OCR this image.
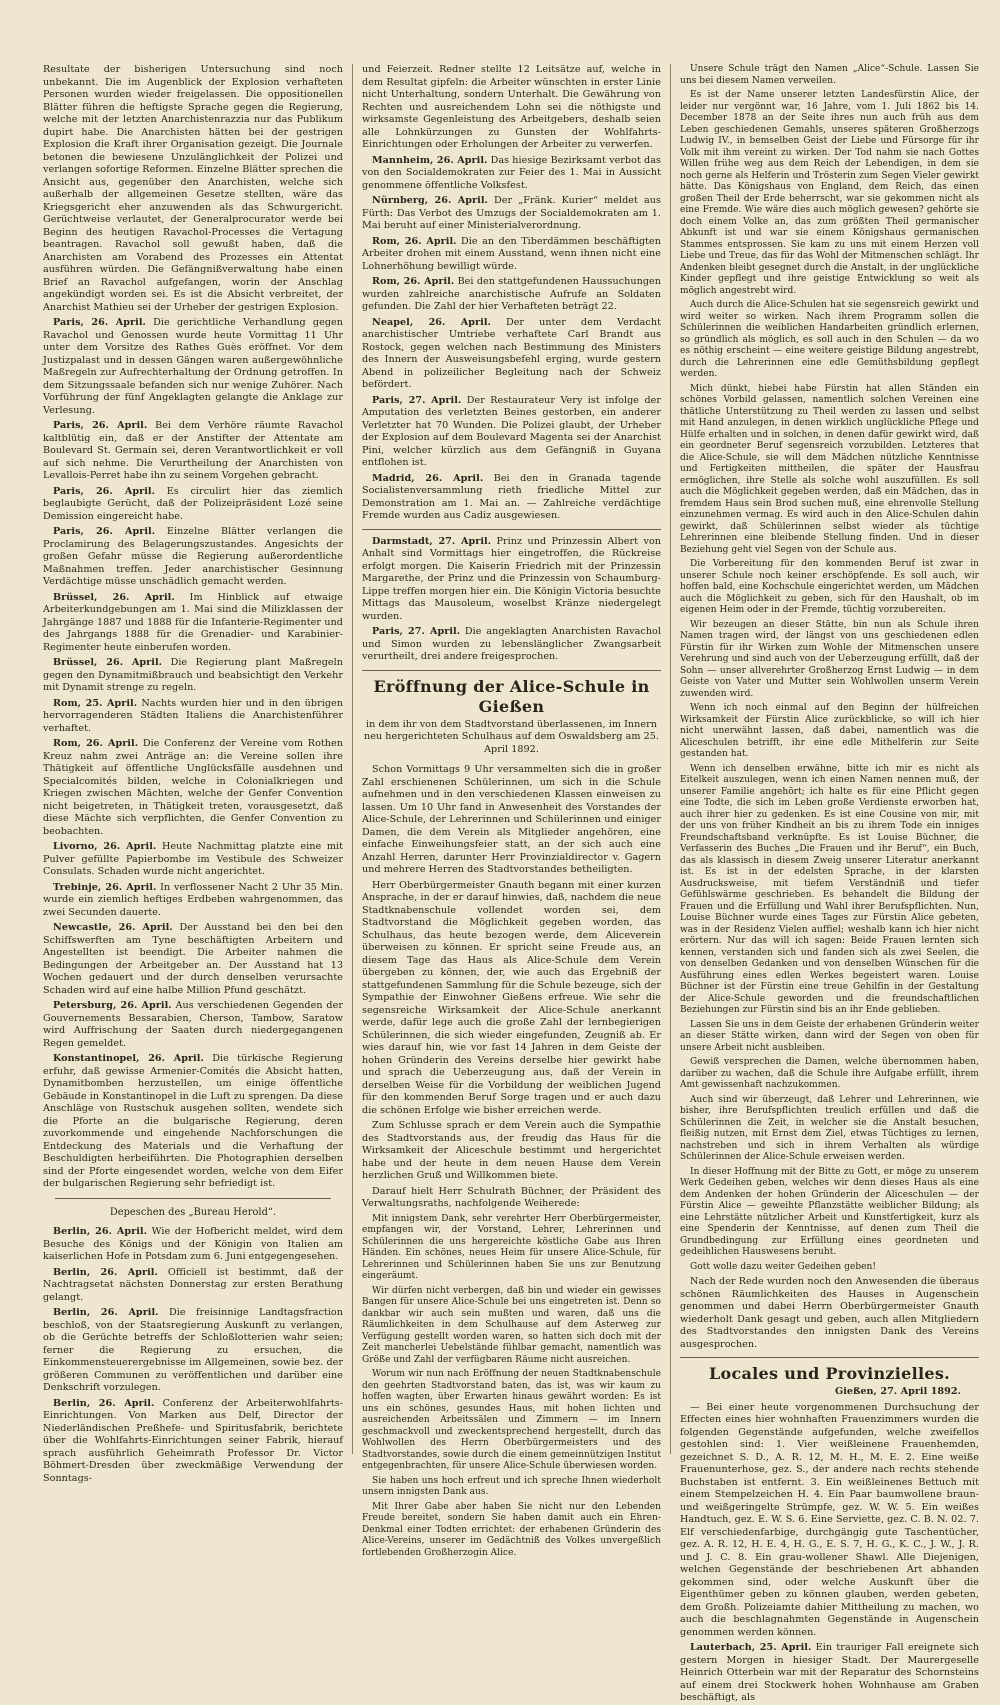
Resultate der bisherigen Untersuchung sind noch unbekannt. Die im Augenblick der Explosion verhafteten Personen wurden wieder freigelassen. Die oppositionellen Blätter führen die heftigste Sprache gegen die Regierung, welche mit der letzten Anarchistenrazzia nur das Publikum dupirt habe. Die Anarchisten hätten bei der gestrigen Explosion die Kraft ihrer Organisation gezeigt. Die Journale betonen die bewiesene Unzulänglichkeit der Polizei und verlangen sofortige Reformen. Einzelne Blätter sprechen die Ansicht aus, gegenüber den Anarchisten, welche sich außerhalb der allgemeinen Gesetze stellten, wäre das Kriegsgericht eher anzuwenden als das Schwurgericht. Gerüchtweise verlautet, der Generalprocurator werde bei Beginn des heutigen Ravachol-Processes die Vertagung beantragen. Ravachol soll gewußt haben, daß die Anarchisten am Vorabend des Prozesses ein Attentat ausführen würden. Die Gefängnißverwaltung habe einen Brief an Ravachol aufgefangen, worin der Anschlag angekündigt worden sei. Es ist die Absicht verbreitet, der Anarchist Mathieu sei der Urheber der gestrigen Explosion.

Paris, 26. April. Die gerichtliche Verhandlung gegen Ravachol und Genossen wurde heute Vormittag 11 Uhr unter dem Vorsitze des Rathes Guès eröffnet. Vor dem Justizpalast und in dessen Gängen waren außergewöhnliche Maßregeln zur Aufrechterhaltung der Ordnung getroffen. In dem Sitzungssaale befanden sich nur wenige Zuhörer. Nach Vorführung der fünf Angeklagten gelangte die Anklage zur Verlesung.

Paris, 26. April. Bei dem Verhöre räumte Ravachol kaltblütig ein, daß er der Anstifter der Attentate am Boulevard St. Germain sei, deren Verantwortlichkeit er voll auf sich nehme. Die Verurtheilung der Anarchisten von Levallois-Perret habe ihn zu seinem Vorgehen gebracht.

Paris, 26. April. Es circulirt hier das ziemlich beglaubigte Gerücht, daß der Polizeipräsident Lozé seine Demission eingereicht habe.

Paris, 26. April. Einzelne Blätter verlangen die Proclamirung des Belagerungszustandes. Angesichts der großen Gefahr müsse die Regierung außerordentliche Maßnahmen treffen. Jeder anarchistischer Gesinnung Verdächtige müsse unschädlich gemacht werden.

Brüssel, 26. April. Im Hinblick auf etwaige Arbeiterkundgebungen am 1. Mai sind die Milizklassen der Jahrgänge 1887 und 1888 für die Infanterie-Regimenter und des Jahrgangs 1888 für die Grenadier- und Karabinier-Regimenter heute einberufen worden.

Brüssel, 26. April. Die Regierung plant Maßregeln gegen den Dynamitmißbrauch und beabsichtigt den Verkehr mit Dynamit strenge zu regeln.

Rom, 25. April. Nachts wurden hier und in den übrigen hervorragenderen Städten Italiens die Anarchistenführer verhaftet.

Rom, 26. April. Die Conferenz der Vereine vom Rothen Kreuz nahm zwei Anträge an: die Vereine sollen ihre Thätigkeit auf öffentliche Unglücksfälle ausdehnen und Specialcomités bilden, welche in Colonialkriegen und Kriegen zwischen Mächten, welche der Genfer Convention nicht beigetreten, in Thätigkeit treten, vorausgesetzt, daß diese Mächte sich verpflichten, die Genfer Convention zu beobachten.

Livorno, 26. April. Heute Nachmittag platzte eine mit Pulver gefüllte Papierbombe im Vestibule des Schweizer Consulats. Schaden wurde nicht angerichtet.

Trebinje, 26. April. In verflossener Nacht 2 Uhr 35 Min. wurde ein ziemlich heftiges Erdbeben wahrgenommen, das zwei Secunden dauerte.

Newcastle, 26. April. Der Ausstand bei den bei den Schiffswerften am Tyne beschäftigten Arbeitern und Angestellten ist beendigt. Die Arbeiter nahmen die Bedingungen der Arbeitgeber an. Der Ausstand hat 13 Wochen gedauert und der durch denselben verursachte Schaden wird auf eine halbe Million Pfund geschätzt.

Petersburg, 26. April. Aus verschiedenen Gegenden der Gouvernements Bessarabien, Cherson, Tambow, Saratow wird Auffrischung der Saaten durch niedergegangenen Regen gemeldet.

Konstantinopel, 26. April. Die türkische Regierung erfuhr, daß gewisse Armenier-Comités die Absicht hatten, Dynamitbomben herzustellen, um einige öffentliche Gebäude in Konstantinopel in die Luft zu sprengen. Da diese Anschläge von Rustschuk ausgehen sollten, wendete sich die Pforte an die bulgarische Regierung, deren zuvorkommende und eingehende Nachforschungen die Entdeckung des Materials und die Verhaftung der Beschuldigten herbeiführten. Die Photographien derselben sind der Pforte eingesendet worden, welche von dem Eifer der bulgarischen Regierung sehr befriedigt ist.

Depeschen des „Bureau Herold“.

Berlin, 26. April. Wie der Hofbericht meldet, wird dem Besuche des Königs und der Königin von Italien am kaiserlichen Hofe in Potsdam zum 6. Juni entgegengesehen.

Berlin, 26. April. Officiell ist bestimmt, daß der Nachtragsetat nächsten Donnerstag zur ersten Berathung gelangt.

Berlin, 26. April. Die freisinnige Landtagsfraction beschloß, von der Staatsregierung Auskunft zu verlangen, ob die Gerüchte betreffs der Schloßlotterien wahr seien; ferner die Regierung zu ersuchen, die Einkommensteuerergebnisse im Allgemeinen, sowie bez. der größeren Communen zu veröffentlichen und darüber eine Denkschrift vorzulegen.

Berlin, 26. April. Conferenz der Arbeiterwohlfahrts-Einrichtungen. Von Marken aus Delf, Director der Niederländischen Preßhefe- und Spiritusfabrik, berichtete über die Wohlfahrts-Einrichtungen seiner Fabrik, hierauf sprach ausführlich Geheimrath Professor Dr. Victor Böhmert-Dresden über zweckmäßige Verwendung der Sonntags-

und Feierzeit. Redner stellte 12 Leitsätze auf, welche in dem Resultat gipfeln: die Arbeiter wünschten in erster Linie nicht Unterhaltung, sondern Unterhalt. Die Gewährung von Rechten und ausreichendem Lohn sei die nöthigste und wirksamste Gegenleistung des Arbeitgebers, deshalb seien alle Lohnkürzungen zu Gunsten der Wohlfahrts-Einrichtungen oder Erholungen der Arbeiter zu verwerfen.

Mannheim, 26. April. Das hiesige Bezirksamt verbot das von den Socialdemokraten zur Feier des 1. Mai in Aussicht genommene öffentliche Volksfest.

Nürnberg, 26. April. Der „Fränk. Kurier“ meldet aus Fürth: Das Verbot des Umzugs der Socialdemokraten am 1. Mai beruht auf einer Ministerialverordnung.

Rom, 26. April. Die an den Tiberdämmen beschäftigten Arbeiter drohen mit einem Ausstand, wenn ihnen nicht eine Lohnerhöhung bewilligt würde.

Rom, 26. April. Bei den stattgefundenen Haussuchungen wurden zahlreiche anarchistische Aufrufe an Soldaten gefunden. Die Zahl der hier Verhafteten beträgt 22.

Neapel, 26. April. Der unter dem Verdacht anarchistischer Umtriebe verhaftete Carl Brandt aus Rostock, gegen welchen nach Bestimmung des Ministers des Innern der Ausweisungsbefehl erging, wurde gestern Abend in polizeilicher Begleitung nach der Schweiz befördert.

Paris, 27. April. Der Restaurateur Very ist infolge der Amputation des verletzten Beines gestorben, ein anderer Verletzter hat 70 Wunden. Die Polizei glaubt, der Urheber der Explosion auf dem Boulevard Magenta sei der Anarchist Pini, welcher kürzlich aus dem Gefängniß in Guyana entflohen ist.

Madrid, 26. April. Bei den in Granada tagende Socialistenversammlung rieth friedliche Mittel zur Demonstration am 1. Mai an. — Zahlreiche verdächtige Fremde wurden aus Cadiz ausgewiesen.

Darmstadt, 27. April. Prinz und Prinzessin Albert von Anhalt sind Vormittags hier eingetroffen, die Rückreise erfolgt morgen. Die Kaiserin Friedrich mit der Prinzessin Margarethe, der Prinz und die Prinzessin von Schaumburg-Lippe treffen morgen hier ein. Die Königin Victoria besuchte Mittags das Mausoleum, woselbst Kränze niedergelegt wurden.

Paris, 27. April. Die angeklagten Anarchisten Ravachol und Simon wurden zu lebenslänglicher Zwangsarbeit verurtheilt, drei andere freigesprochen.

Eröffnung der Alice-Schule in Gießen

in dem ihr von dem Stadtvorstand überlassenen, im Innern neu hergerichteten Schulhaus auf dem Oswaldsberg am 25. April 1892.

Schon Vormittags 9 Uhr versammelten sich die in großer Zahl erschienenen Schülerinnen, um sich in die Schule aufnehmen und in den verschiedenen Klassen einweisen zu lassen. Um 10 Uhr fand in Anwesenheit des Vorstandes der Alice-Schule, der Lehrerinnen und Schülerinnen und einiger Damen, die dem Verein als Mitglieder angehören, eine einfache Einweihungsfeier statt, an der sich auch eine Anzahl Herren, darunter Herr Provinzialdirector v. Gagern und mehrere Herren des Stadtvorstandes betheiligten.

Herr Oberbürgermeister Gnauth begann mit einer kurzen Ansprache, in der er darauf hinwies, daß, nachdem die neue Stadtknabenschule vollendet worden sei, dem Stadtvorstand die Möglichkeit gegeben worden, das Schulhaus, das heute bezogen werde, dem Aliceverein überweisen zu können. Er spricht seine Freude aus, an diesem Tage das Haus als Alice-Schule dem Verein übergeben zu können, der, wie auch das Ergebniß der stattgefundenen Sammlung für die Schule bezeuge, sich der Sympathie der Einwohner Gießens erfreue. Wie sehr die segensreiche Wirksamkeit der Alice-Schule anerkannt werde, dafür lege auch die große Zahl der lernbegierigen Schülerinnen, die sich wieder eingefunden, Zeugniß ab. Er wies darauf hin, wie vor fast 14 Jahren in dem Geiste der hohen Gründerin des Vereins derselbe hier gewirkt habe und sprach die Ueberzeugung aus, daß der Verein in derselben Weise für die Vorbildung der weiblichen Jugend für den kommenden Beruf Sorge tragen und er auch dazu die schönen Erfolge wie bisher erreichen werde.

Zum Schlusse sprach er dem Verein auch die Sympathie des Stadtvorstands aus, der freudig das Haus für die Wirksamkeit der Aliceschule bestimmt und hergerichtet habe und der heute in dem neuen Hause dem Verein herzlichen Gruß und Willkommen biete.

Darauf hielt Herr Schulrath Büchner, der Präsident des Verwaltungsraths, nachfolgende Weiherede:

Mit innigstem Dank, sehr verehrter Herr Oberbürgermeister, empfangen wir, der Vorstand, Lehrer, Lehrerinnen und Schülerinnen die uns hergereichte köstliche Gabe aus Ihren Händen. Ein schönes, neues Heim für unsere Alice-Schule, für Lehrerinnen und Schülerinnen haben Sie uns zur Benutzung eingeräumt.

Wir dürfen nicht verbergen, daß bin und wieder ein gewisses Bangen für unsere Alice-Schule bei uns eingetreten ist. Denn so dankbar wir auch sein mußten und waren, daß uns die Räumlichkeiten in dem Schulhause auf dem Asterweg zur Verfügung gestellt worden waren, so hatten sich doch mit der Zeit mancherlei Uebelstände fühlbar gemacht, namentlich was Größe und Zahl der verfügbaren Räume nicht ausreichen.

Worum wir nun nach Eröffnung der neuen Stadtknabenschule den geehrten Stadtvorstand baten, das ist, was wir kaum zu hoffen wagten, über Erwarten hinaus gewährt worden: Es ist uns ein schönes, gesundes Haus, mit hohen lichten und ausreichenden Arbeitssälen und Zimmern — im Innern geschmackvoll und zweckentsprechend hergestellt, durch das Wohlwollen des Herrn Oberbürgermeisters und des Stadtvorstandes, sowie durch die einem gemeinnützigen Institut entgegenbrachten, für unsere Alice-Schule überwiesen worden.

Sie haben uns hoch erfreut und ich spreche Ihnen wiederholt unsern innigsten Dank aus.

Mit Ihrer Gabe aber haben Sie nicht nur den Lebenden Freude bereitet, sondern Sie haben damit auch ein Ehren-Denkmal einer Todten errichtet: der erhabenen Gründerin des Alice-Vereins, unserer im Gedächtniß des Volkes unvergeßlich fortlebenden Großherzogin Alice.

Unsere Schule trägt den Namen „Alice“-Schule. Lassen Sie uns bei diesem Namen verweilen.

Es ist der Name unserer letzten Landesfürstin Alice, der leider nur vergönnt war, 16 Jahre, vom 1. Juli 1862 bis 14. December 1878 an der Seite ihres nun auch früh aus dem Leben geschiedenen Gemahls, unseres späteren Großherzogs Ludwig IV., in bemselben Geist der Liebe und Fürsorge für ihr Volk mit ihm vereint zu wirken. Der Tod nahm sie nach Gottes Willen frühe weg aus dem Reich der Lebendigen, in dem sie noch gerne als Helferin und Trösterin zum Segen Vieler gewirkt hätte. Das Königshaus von England, dem Reich, das einen großen Theil der Erde beherrscht, war sie gekommen nicht als eine Fremde. Wie wäre dies auch möglich gewesen? gehörte sie doch einem Volke an, das zum größten Theil germanischer Abkunft ist und war sie einem Königshaus germanischen Stammes entsprossen. Sie kam zu uns mit einem Herzen voll Liebe und Treue, das für das Wohl der Mitmenschen schlägt. Ihr Andenken bleibt gesegnet durch die Anstalt, in der unglückliche Kinder gepflegt und ihre geistige Entwicklung so weit als möglich angestrebt wird.

Auch durch die Alice-Schulen hat sie segensreich gewirkt und wird weiter so wirken. Nach ihrem Programm sollen die Schülerinnen die weiblichen Handarbeiten gründlich erlernen, so gründlich als möglich, es soll auch in den Schulen — da wo es nöthig erscheint — eine weitere geistige Bildung angestrebt, durch die Lehrerinnen eine edle Gemüthsbildung gepflegt werden.

Mich dünkt, hiebei habe Fürstin hat allen Ständen ein schönes Vorbild gelassen, namentlich solchen Vereinen eine thätliche Unterstützung zu Theil werden zu lassen und selbst mit Hand anzulegen, in denen wirklich unglückliche Pflege und Hülfe erhalten und in solchen, in denen dafür gewirkt wird, daß ein geordneter Beruf segensreich vorzubilden. Letzteres that die Alice-Schule, sie will dem Mädchen nützliche Kenntnisse und Fertigkeiten mittheilen, die später der Hausfrau ermöglichen, ihre Stelle als solche wohl auszufüllen. Es soll auch die Möglichkeit gegeben werden, daß ein Mädchen, das in fremdem Haus sein Brod suchen muß, eine ehrenvolle Stellung einzunehmen vermag. Es wird auch in den Alice-Schulen dahin gewirkt, daß Schülerinnen selbst wieder als tüchtige Lehrerinnen eine bleibende Stellung finden. Und in dieser Beziehung geht viel Segen von der Schule aus.

Die Vorbereitung für den kommenden Beruf ist zwar in unserer Schule noch keiner erschöpfende. Es soll auch, wir hoffen bald, eine Kochschule eingerichtet werden, um Mädchen auch die Möglichkeit zu geben, sich für den Haushalt, ob im eigenen Heim oder in der Fremde, tüchtig vorzubereiten.

Wir bezeugen an dieser Stätte, bin nun als Schule ihren Namen tragen wird, der längst von uns geschiedenen edlen Fürstin für ihr Wirken zum Wohle der Mitmenschen unsere Verehrung und sind auch von der Ueberzeugung erfüllt, daß der Sohn — unser allverehrter Großherzog Ernst Ludwig — in dem Geiste von Vater und Mutter sein Wohlwollen unserm Verein zuwenden wird.

Wenn ich noch einmal auf den Beginn der hülfreichen Wirksamkeit der Fürstin Alice zurückblicke, so will ich hier nicht unerwähnt lassen, daß dabei, namentlich was die Aliceschulen betrifft, ihr eine edle Mithelferin zur Seite gestanden hat.

Wenn ich denselben erwähne, bitte ich mir es nicht als Eitelkeit auszulegen, wenn ich einen Namen nennen muß, der unserer Familie angehört; ich halte es für eine Pflicht gegen eine Todte, die sich im Leben große Verdienste erworben hat, auch ihrer hier zu gedenken. Es ist eine Cousine von mir, mit der uns von früher Kindheit an bis zu ihrem Tode ein inniges Freundschaftsband verknüpfte. Es ist Louise Büchner, die Verfasserin des Buches „Die Frauen und ihr Beruf“, ein Buch, das als klassisch in diesem Zweig unserer Literatur anerkannt ist. Es ist in der edelsten Sprache, in der klarsten Ausdrucksweise, mit tiefem Verständniß und tiefer Gefühlswärme geschrieben. Es behandelt die Bildung der Frauen und die Erfüllung und Wahl ihrer Berufspflichten. Nun, Louise Büchner wurde eines Tages zur Fürstin Alice gebeten, was in der Residenz Vielen auffiel; weshalb kann ich hier nicht erörtern. Nur das will ich sagen: Beide Frauen lernten sich kennen, verstanden sich und fanden sich als zwei Seelen, die von denselben Gedanken und von denselben Wünschen für die Ausführung eines edlen Werkes begeistert waren. Louise Büchner ist der Fürstin eine treue Gehilfin in der Gestaltung der Alice-Schule geworden und die freundschaftlichen Beziehungen zur Fürstin sind bis an ihr Ende geblieben.

Lassen Sie uns in dem Geiste der erhabenen Gründerin weiter an dieser Stätte wirken, dann wird der Segen von oben für unsere Arbeit nicht ausbleiben.

Gewiß versprechen die Damen, welche übernommen haben, darüber zu wachen, daß die Schule ihre Aufgabe erfüllt, ihrem Amt gewissenhaft nachzukommen.

Auch sind wir überzeugt, daß Lehrer und Lehrerinnen, wie bisher, ihre Berufspflichten treulich erfüllen und daß die Schülerinnen die Zeit, in welcher sie die Anstalt besuchen, fleißig nutzen, mit Ernst dem Ziel, etwas Tüchtiges zu lernen, nachstreben und sich in ihrem Verhalten als würdige Schülerinnen der Alice-Schule erweisen werden.

In dieser Hoffnung mit der Bitte zu Gott, er möge zu unserem Werk Gedeihen geben, welches wir denn dieses Haus als eine dem Andenken der hohen Gründerin der Aliceschulen — der Fürstin Alice — geweihte Pflanzstätte weiblicher Bildung; als eine Lehrstätte nützlicher Arbeit und Kunstfertigkeit, kurz als eine Spenderin der Kenntnisse, auf denen zum Theil die Grundbedingung zur Erfüllung eines geordneten und gedeihlichen Hauswesens beruht.

Gott wolle dazu weiter Gedeihen geben!

Nach der Rede wurden noch den Anwesenden die überaus schönen Räumlichkeiten des Hauses in Augenschein genommen und dabei Herrn Oberbürgermeister Gnauth wiederholt Dank gesagt und geben, auch allen Mitgliedern des Stadtvorstandes den innigsten Dank des Vereins ausgesprochen.

Locales und Provinzielles.

Gießen, 27. April 1892.

— Bei einer heute vorgenommenen Durchsuchung der Effecten eines hier wohnhaften Frauenzimmers wurden die folgenden Gegenstände aufgefunden, welche zweifellos gestohlen sind: 1. Vier weißleinene Frauenhemden, gezeichnet S. D., A. R. 12, M. H., M. E. 2. Eine weiße Frauenunterhose, gez. S., der andere nach rechts stehende Buchstaben ist entfernt. 3. Ein weißleinenes Bettuch mit einem Stempelzeichen H. 4. Ein Paar baumwollene braun- und weißgeringelte Strümpfe, gez. W. W. 5. Ein weißes Handtuch, gez. E. W. S. 6. Eine Serviette, gez. C. B. N. 02. 7. Elf verschiedenfarbige, durchgängig gute Taschentücher, gez. A. R. 12, H. E. 4, H. G., E. S. 7, H. G., K. C., J. W., J. R. und J. C. 8. Ein grau-wollener Shawl. Alle Diejenigen, welchen Gegenstände der beschriebenen Art abhanden gekommen sind, oder welche Auskunft über die Eigenthümer geben zu können glauben, werden gebeten, dem Großh. Polizeiamte dahier Mittheilung zu machen, wo auch die beschlagnahmten Gegenstände in Augenschein genommen werden können.

Lauterbach, 25. April. Ein trauriger Fall ereignete sich gestern Morgen in hiesiger Stadt. Der Maurergeselle Heinrich Otterbein war mit der Reparatur des Schornsteins auf einem drei Stockwerk hohen Wohnhause am Graben beschäftigt, als
